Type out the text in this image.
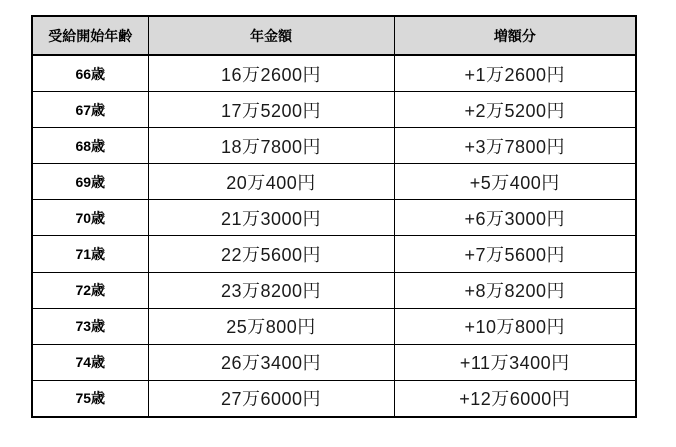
受給開始年齢	年金額	増額分
66歳	16万2600円	+1万2600円
67歳	17万5200円	+2万5200円
68歳	18万7800円	+3万7800円
69歳	20万400円	+5万400円
70歳	21万3000円	+6万3000円
71歳	22万5600円	+7万5600円
72歳	23万8200円	+8万8200円
73歳	25万800円	+10万800円
74歳	26万3400円	+11万3400円
75歳	27万6000円	+12万6000円
